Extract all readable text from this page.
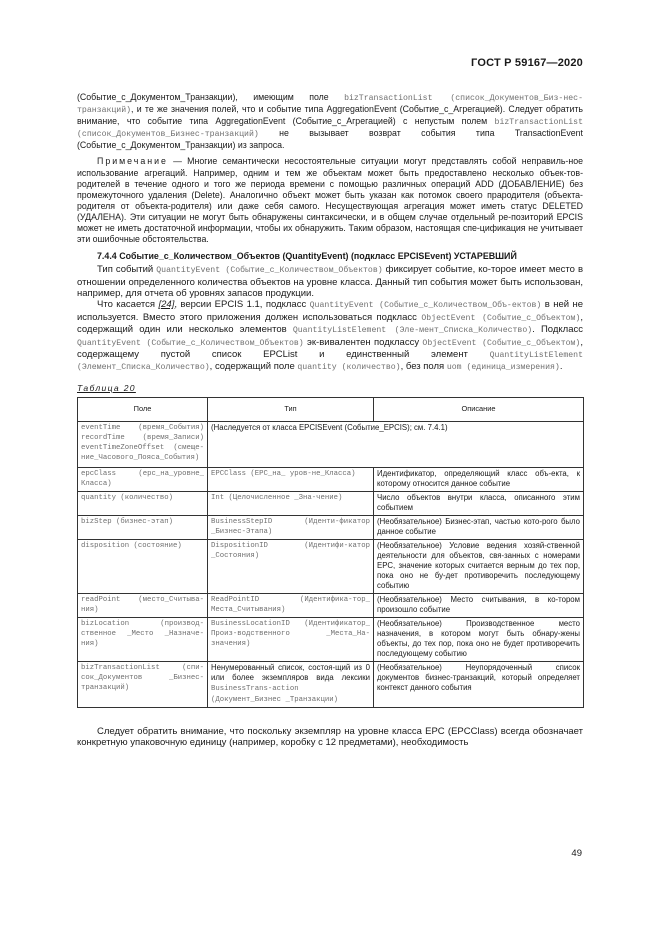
ГОСТ Р 59167—2020

(Событие_с_Документом_Транзакции), имеющим поле bizTransactionList (список_Документов_Биз-нес-транзакций), и те же значения полей, что и событие типа AggregationEvent (Событие_с_Агрегацией). Следует обратить внимание, что событие типа AggregationEvent (Событие_с_Агрегацией) с непустым полем bizTransactionList (список_Документов_Бизнес-транзакций) не вызывает возврат события типа TransactionEvent (Событие_с_Документом_Транзакции) из запроса.

Примечание — Многие семантически несостоятельные ситуации могут представлять собой неправиль-ное использование агрегаций. Например, одним и тем же объектам может быть предоставлено несколько объек-тов-родителей в течение одного и того же периода времени с помощью различных операций ADD (ДОБАВЛЕНИЕ) без промежуточного удаления (Delete). Аналогично объект может быть указан как потомок своего прародителя (объекта-родителя от объекта-родителя) или даже себя самого. Несуществующая агрегация может иметь статус DELETED (УДАЛЕНА). Эти ситуации не могут быть обнаружены синтаксически, и в общем случае отдельный ре-позиторий EPCIS может не иметь достаточной информации, чтобы их обнаружить. Таким образом, настоящая спе-цификация не учитывает эти ошибочные обстоятельства.

7.4.4 Событие_с_Количеством_Объектов (QuantityEvent) (подкласс EPCISEvent) УСТАРЕВШИЙ

Тип событий QuantityEvent (Событие_с_Количеством_Объектов) фиксирует событие, ко-торое имеет место в отношении определенного количества объектов на уровне класса. Данный тип события может быть использован, например, для отчета об уровнях запасов продукции.

Что касается [24], версии EPCIS 1.1, подкласс QuantityEvent (Событие_с_Количеством_Объ-ектов) в ней не используется. Вместо этого приложения должен использоваться подкласс ObjectEvent (Событие_с_Объектом), содержащий один или несколько элементов QuantityListElement (Эле-мент_Списка_Количество). Подкласс QuantityEvent (Событие_с_Количеством_Объектов) эк-вивалентен подклассу ObjectEvent (Событие_с_Объектом), содержащему пустой список EPCList и единственный элемент QuantityListElement (Элемент_Списка_Количество), содержащий поле quantity (количество), без поля uom (единица_измерения).

Таблица 20
Поле	Тип	Описание
eventTime (время_События) recordTime (время_Записи) eventTimeZoneOffset (смеще-ние_Часового_Пояса_События)	(Наследуется от класса EPCISEvent (Событие_EPCIS); см. 7.4.1)	
epcClass (epc_на_уровне_ Класса)	EPCClass (EPC_на_ уров-не_Класса)	Идентификатор, определяющий класс объ-екта, к которому относится данное событие
quantity (количество)	Int (Целочисленное _Зна-чение)	Число объектов внутри класса, описанного этим событием
bizStep (бизнес-этап)	BusinessStepID (Иденти-фикатор _Бизнес-Этапа)	(Необязательное) Бизнес-этап, частью кото-рого было данное событие
disposition (состояние)	DispositionID (Идентифи-катор _Состояния)	(Необязательное) Условие ведения хозяй-ственной деятельности для объектов, свя-занных с номерами EPC, значение которых считается верным до тех пор, пока оно не бу-дет противоречить последующему событию
readPoint (место_Считыва-ния)	ReadPointID (Идентифика-тор_ Места_Считывания)	(Необязательное) Место считывания, в ко-тором произошло событие
bizLocation (производ-ственное _Место _Назначе-ния)	BusinessLocationID (Идентификатор_ Произ-водственного _Места_На-значения)	(Необязательное) Производственное место назначения, в котором могут быть обнару-жены объекты, до тех пор, пока оно не будет противоречить последующему событию
bizTransactionList (спи-сок_Документов _Бизнес-транзакций)	Ненумерованный список, состоя-щий из 0 или более экземпляров вида лексики BusinessTrans-action (Документ_Бизнес _Транзакции)	(Необязательное) Неупорядоченный список документов бизнес-транзакций, который определяет контекст данного события

Следует обратить внимание, что поскольку экземпляр на уровне класса EPC (EPCClass) всегда обозначает конкретную упаковочную единицу (например, коробку с 12 предметами), необходимость

49
